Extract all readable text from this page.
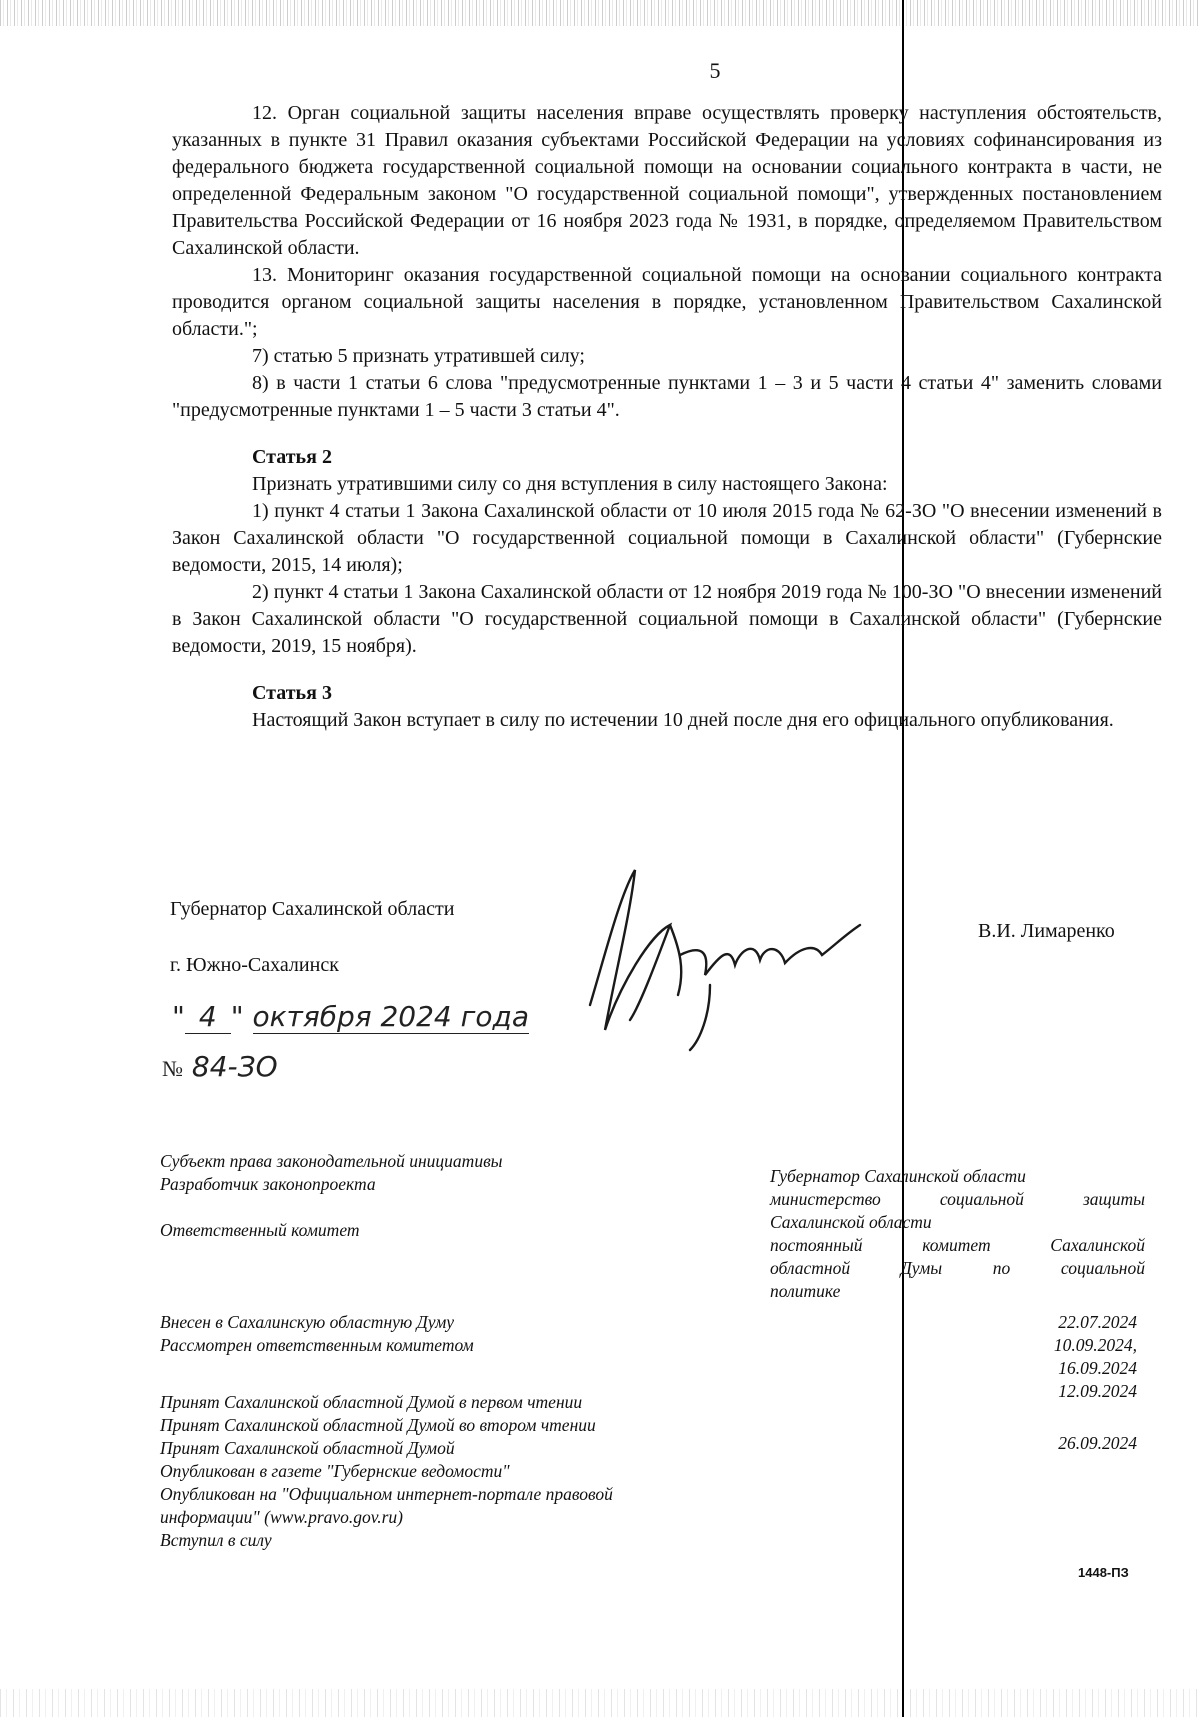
5

12. Орган социальной защиты населения вправе осуществлять проверку наступления обстоятельств, указанных в пункте 31 Правил оказания субъектами Российской Федерации на условиях софинансирования из федерального бюджета государственной социальной помощи на основании социального контракта в части, не определенной Федеральным законом "О государственной социальной помощи", утвержденных постановлением Правительства Российской Федерации от 16 ноября 2023 года № 1931, в порядке, определяемом Правительством Сахалинской области.

13. Мониторинг оказания государственной социальной помощи на основании социального контракта проводится органом социальной защиты населения в порядке, установленном Правительством Сахалинской области.";

7) статью 5 признать утратившей силу;

8) в части 1 статьи 6 слова "предусмотренные пунктами 1 – 3 и 5 части 4 статьи 4" заменить словами "предусмотренные пунктами 1 – 5 части 3 статьи 4".

Статья 2

Признать утратившими силу со дня вступления в силу настоящего Закона:

1) пункт 4 статьи 1 Закона Сахалинской области от 10 июля 2015 года № 62-ЗО "О внесении изменений в Закон Сахалинской области "О государственной социальной помощи в Сахалинской области" (Губернские ведомости, 2015, 14 июля);

2) пункт 4 статьи 1 Закона Сахалинской области от 12 ноября 2019 года № 100-ЗО "О внесении изменений в Закон Сахалинской области "О государственной социальной помощи в Сахалинской области" (Губернские ведомости, 2019, 15 ноября).

Статья 3

Настоящий Закон вступает в силу по истечении 10 дней после дня его официального опубликования.

Губернатор Сахалинской области
В.И. Лимаренко
г. Южно-Сахалинск
" 4 " октября 2024 года
№ 84-ЗО
Субъект права законодательной инициативы
Разработчик законопроекта
Ответственный комитет
Внесен в Сахалинскую областную Думу
Рассмотрен ответственным комитетом
Принят Сахалинской областной Думой в первом чтении
Принят Сахалинской областной Думой во втором чтении
Принят Сахалинской областной Думой
Опубликован в газете "Губернские ведомости"
Опубликован на "Официальном интернет-портале правовой
информации" (www.pravo.gov.ru)
Вступил в силу
Губернатор Сахалинской области
министерство социальной защиты
Сахалинской области
постоянный комитет Сахалинской
областной Думы по социальной
политике
22.07.2024
10.09.2024,
16.09.2024
12.09.2024
26.09.2024
1448-ПЗ
